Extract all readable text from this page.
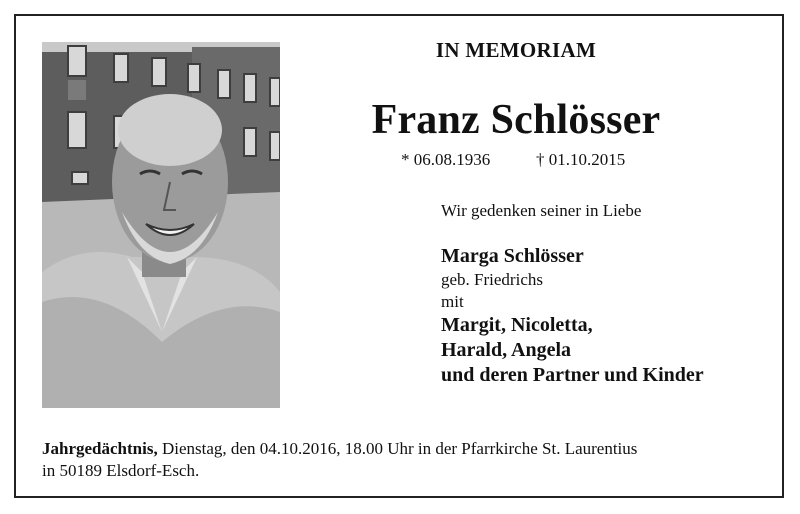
IN MEMORIAM
Franz Schlösser
* 06.08.1936	† 01.10.2015
Wir gedenken seiner in Liebe
Marga Schlösser
geb. Friedrichs
mit
Margit, Nicoletta,
Harald, Angela
und deren Partner und Kinder
Jahrgedächtnis, Dienstag, den 04.10.2016, 18.00 Uhr in der Pfarrkirche St. Laurentius
in 50189 Elsdorf-Esch.
